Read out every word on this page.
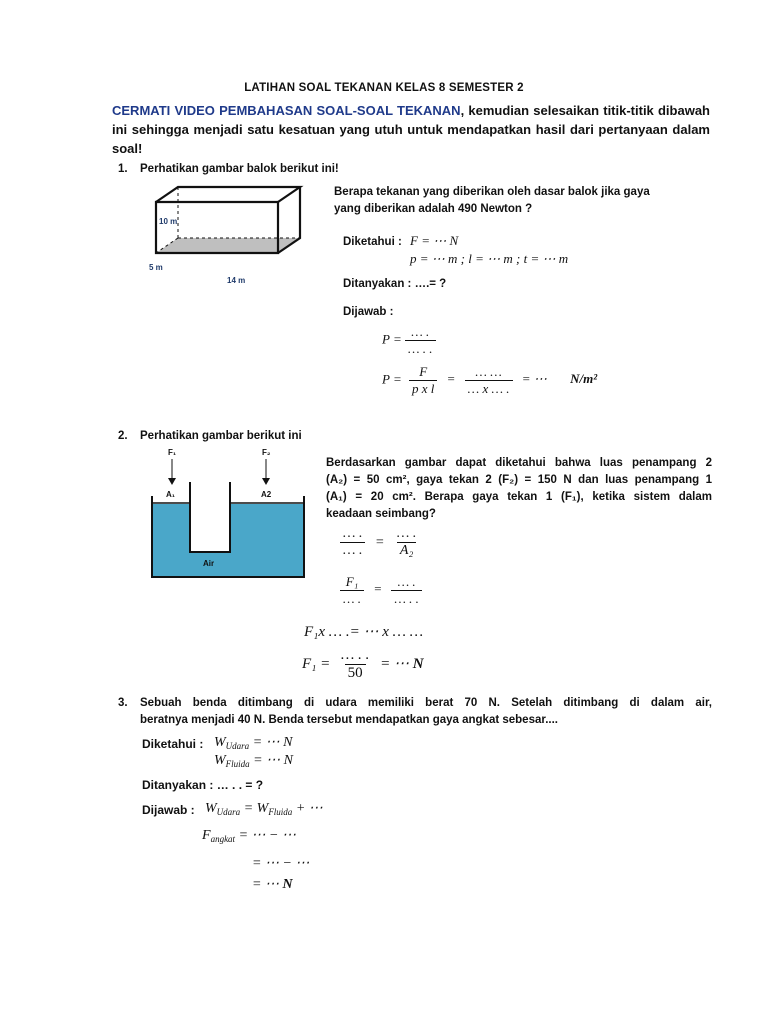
LATIHAN SOAL TEKANAN KELAS 8 SEMESTER 2
CERMATI VIDEO PEMBAHASAN SOAL-SOAL TEKANAN, kemudian selesaikan titik-titik dibawah ini sehingga menjadi satu kesatuan yang utuh untuk mendapatkan hasil dari pertanyaan dalam soal!
1. Perhatikan gambar balok berikut ini!
10 m
5 m
14 m
Berapa tekanan yang diberikan oleh dasar balok jika gaya yang diberikan adalah 490 Newton ?
Diketahui : F = ⋯ N
p = ⋯ m ; l = ⋯ m ; t = ⋯ m
Ditanyakan : ….= ?
Dijawab :
$P = \frac{\dots .}{\dots . .}$
$P = \frac{F}{\text{p x l}} = \frac{\dots \dots}{\dots x \dots .}$ = ⋯ N/m²
2. Perhatikan gambar berikut ini
F₁	F₂
A₁	A2
Air
Berdasarkan gambar dapat diketahui bahwa luas penampang 2
(A₂) = 50 cm², gaya tekan 2 (F₂) = 150 N dan luas penampang 1
(A₁) = 20 cm². Berapa gaya tekan 1 (F₁), ketika sistem dalam
keadaan seimbang?
$\frac{\dots .}{\dots .} = \frac{\dots .}{\text{A₂}}$
$\frac{\text{F₁}}{\dots .} = \frac{\dots .}{\dots . .}$
F₁x … .= ⋯ x … …
$F_1 = \frac{\dots . .}{50}$ = ⋯ N
3. Sebuah benda ditimbang di udara memiliki berat 70 N. Setelah ditimbang di dalam air,
beratnya menjadi 40 N. Benda tersebut mendapatkan gaya angkat sebesar....
Diketahui : $W_{Udara}$ = ⋯ N
$W_{Fluida}$ = ⋯ N
Ditanyakan : … . . = ?
Dijawab : $W_{Udara} = W_{Fluida}$ + ⋯
$F_{angkat}$ = ⋯ − ⋯
= ⋯ − ⋯
= ⋯ N
